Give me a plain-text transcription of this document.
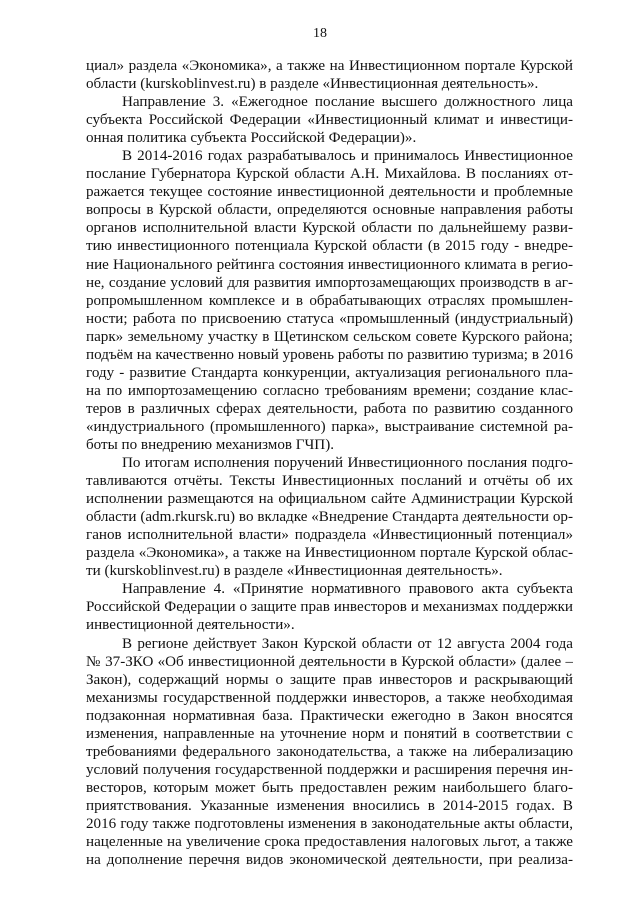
18
циал» раздела «Экономика», а также на Инвестиционном портале Курской
области (kurskoblinvest.ru) в разделе «Инвестиционная деятельность».
Направление 3. «Ежегодное послание высшего должностного лица
субъекта Российской Федерации «Инвестиционный климат и инвестици-
онная политика субъекта Российской Федерации)».
В 2014-2016 годах разрабатывалось и принималось Инвестиционное
послание Губернатора Курской области А.Н. Михайлова. В посланиях от-
ражается текущее состояние инвестиционной деятельности и проблемные
вопросы в Курской области, определяются основные направления работы
органов исполнительной власти Курской области по дальнейшему разви-
тию инвестиционного потенциала Курской области (в 2015 году - внедре-
ние Национального рейтинга состояния инвестиционного климата в регио-
не, создание условий для развития импортозамещающих производств в аг-
ропромышленном комплексе и в обрабатывающих отраслях промышлен-
ности; работа по присвоению статуса «промышленный (индустриальный)
парк» земельному участку в Щетинском сельском совете Курского района;
подъём на качественно новый уровень работы по развитию туризма; в 2016
году - развитие Стандарта конкуренции, актуализация регионального пла-
на по импортозамещению согласно требованиям времени; создание клас-
теров в различных сферах деятельности, работа по развитию созданного
«индустриального (промышленного) парка», выстраивание системной ра-
боты по внедрению механизмов ГЧП).
По итогам исполнения поручений Инвестиционного послания подго-
тавливаются отчёты. Тексты Инвестиционных посланий и отчёты об их
исполнении размещаются на официальном сайте Администрации Курской
области (adm.rkursk.ru) во вкладке «Внедрение Стандарта деятельности ор-
ганов исполнительной власти» подраздела «Инвестиционный потенциал»
раздела «Экономика», а также на Инвестиционном портале Курской облас-
ти (kurskoblinvest.ru) в разделе «Инвестиционная деятельность».
Направление 4. «Принятие нормативного правового акта субъекта
Российской Федерации о защите прав инвесторов и механизмах поддержки
инвестиционной деятельности».
В регионе действует Закон Курской области от 12 августа 2004 года
№ 37-ЗКО «Об инвестиционной деятельности в Курской области» (далее –
Закон), содержащий нормы о защите прав инвесторов и раскрывающий
механизмы государственной поддержки инвесторов, а также необходимая
подзаконная нормативная база. Практически ежегодно в Закон вносятся
изменения, направленные на уточнение норм и понятий в соответствии с
требованиями федерального законодательства, а также на либерализацию
условий получения государственной поддержки и расширения перечня ин-
весторов, которым может быть предоставлен режим наибольшего благо-
приятствования. Указанные изменения вносились в 2014-2015 годах. В
2016 году также подготовлены изменения в законодательные акты области,
нацеленные на увеличение срока предоставления налоговых льгот, а также
на дополнение перечня видов экономической деятельности, при реализа-
